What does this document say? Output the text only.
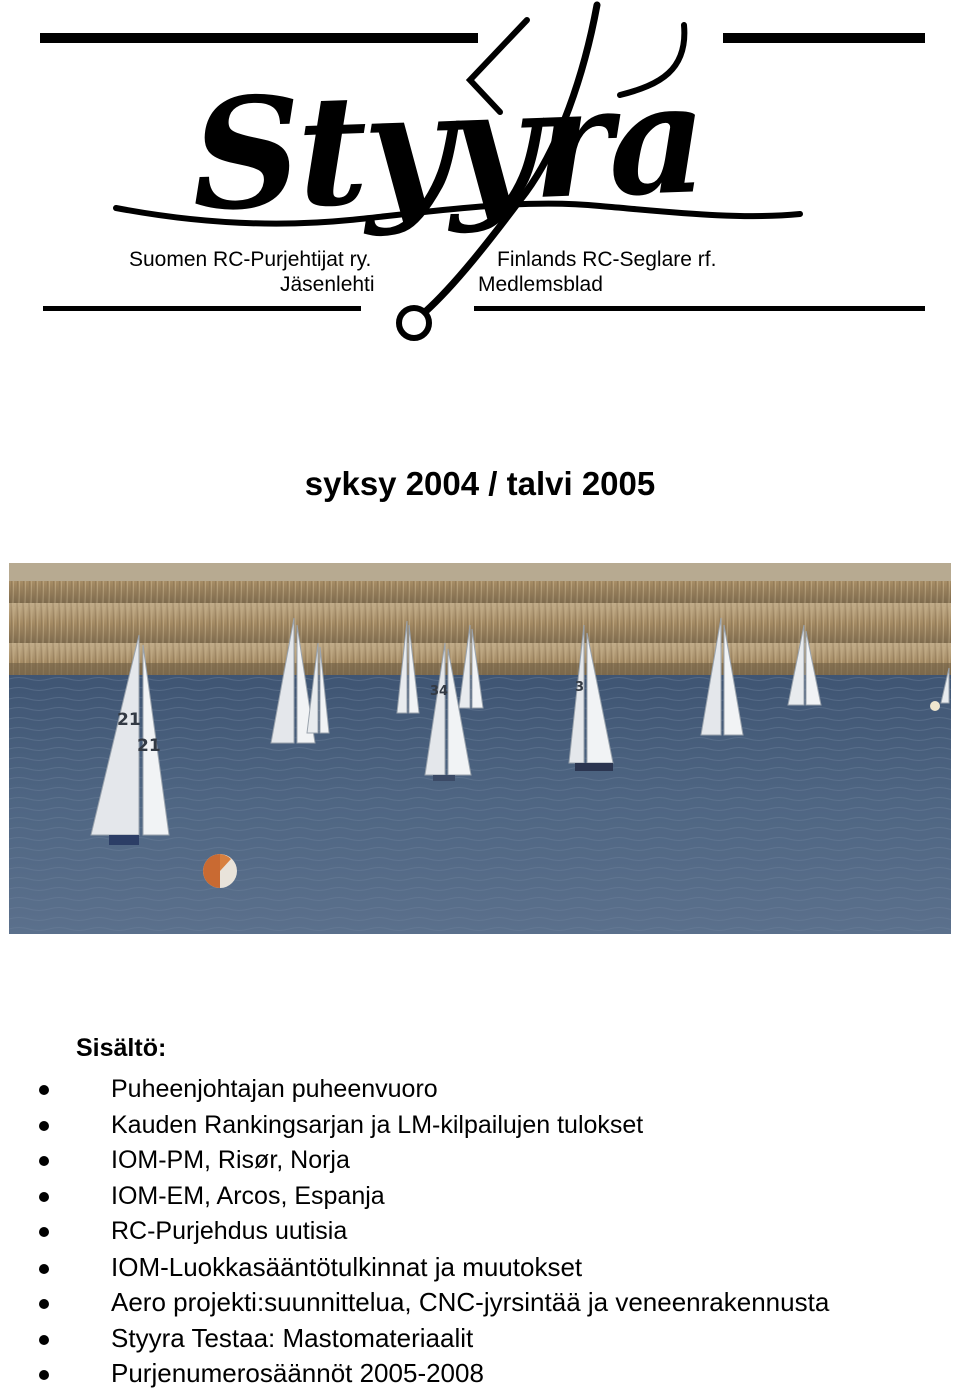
Styyra
Suomen RC-Purjehtijat ry.	Finlands RC-Seglare rf.
Jäsenlehti	Medlemsblad
syksy 2004 / talvi 2005
21
21
34	3
Sisältö:
Puheenjohtajan puheenvuoro
Kauden Rankingsarjan ja LM-kilpailujen tulokset
IOM-PM, Risør, Norja
IOM-EM, Arcos, Espanja
RC-Purjehdus uutisia
IOM-Luokkasääntötulkinnat ja muutokset
Aero projekti:suunnittelua, CNC-jyrsintää ja veneenrakennusta
Styyra Testaa: Mastomateriaalit
Purjenumerosäännöt 2005-2008
